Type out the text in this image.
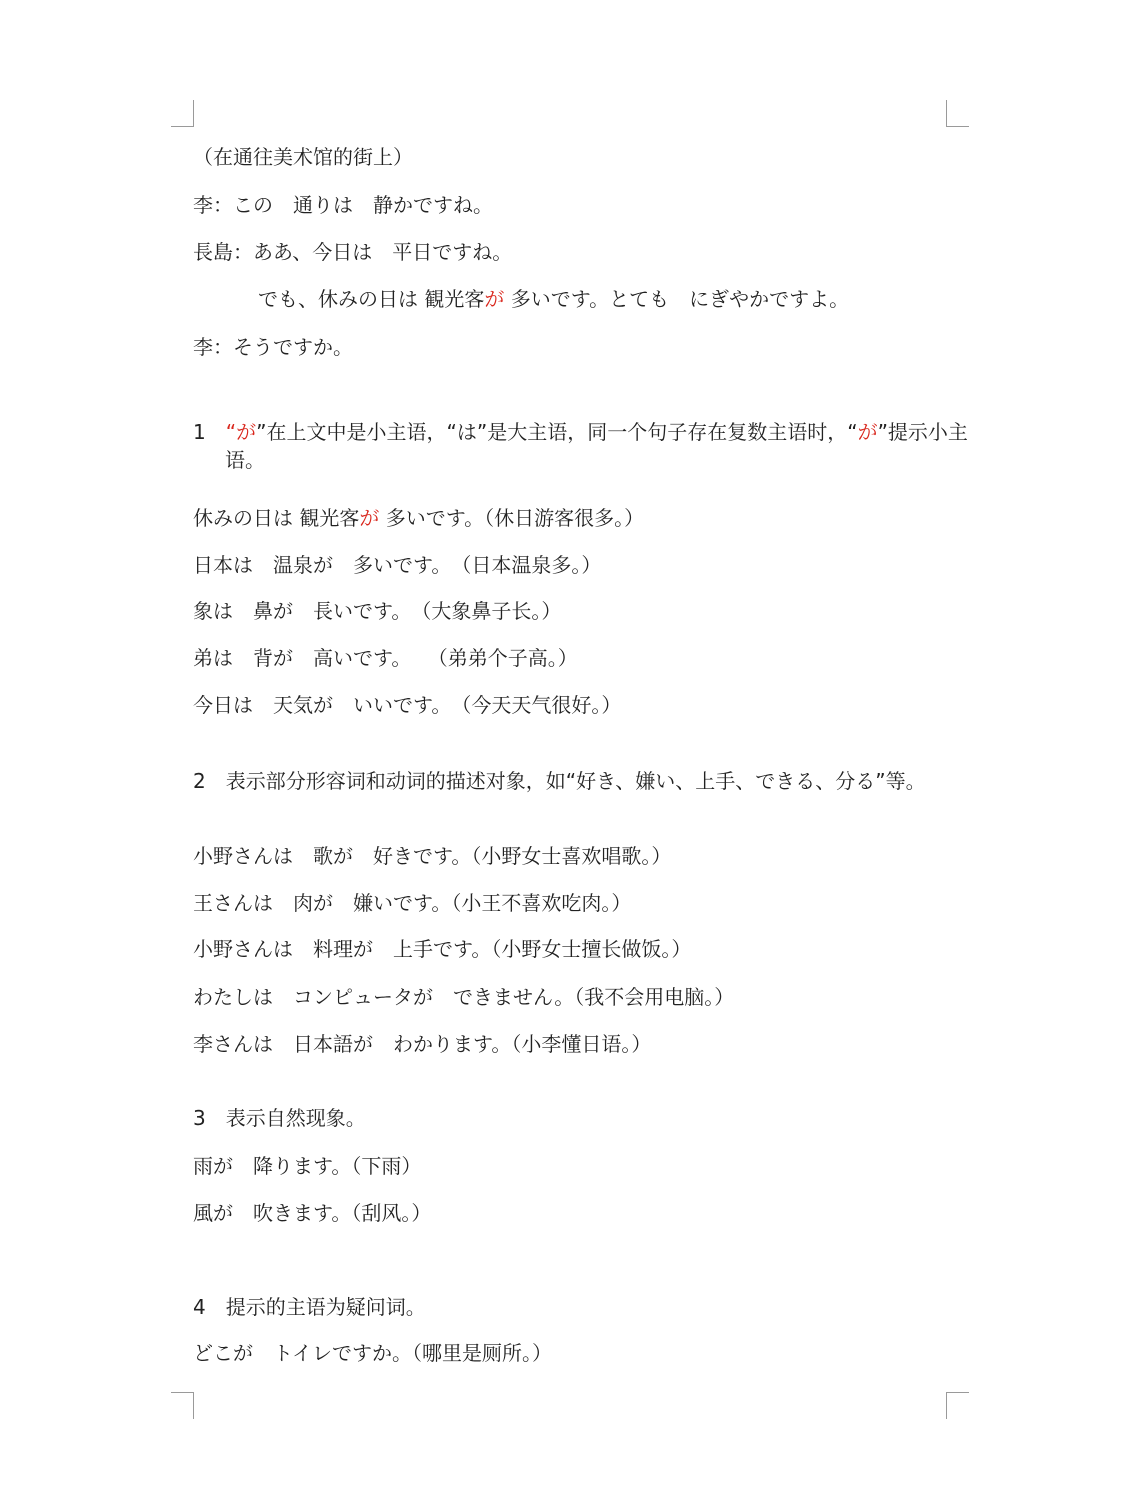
（在通往美术馆的街上）

李：この　通りは　静かですね。

長島：ああ、今日は　平日ですね。

でも、休みの日は 観光客が 多いです。とても　にぎやかですよ。

李：そうですか。

1 “が”在上文中是小主语，“は”是大主语，同一个句子存在复数主语时，“が”提示小主语。

休みの日は 観光客が 多いです。（休日游客很多。）

日本は　温泉が　多いです。　（日本温泉多。）

象は　鼻が　長いです。　（大象鼻子长。）

弟は　背が　高いです。　 （弟弟个子高。）

今日は　天気が　いいです。　（今天天气很好。）

2　表示部分形容词和动词的描述对象，如“好き、嫌い、上手、できる、分る”等。

小野さんは　歌が　好きです。（小野女士喜欢唱歌。）

王さんは　肉が　嫌いです。（小王不喜欢吃肉。）

小野さんは　料理が　上手です。（小野女士擅长做饭。）

わたしは　コンピュータが　できません。（我不会用电脑。）

李さんは　日本語が　わかります。（小李懂日语。）

3　表示自然现象。

雨が　降ります。（下雨）

風が　吹きます。（刮风。）

4　提示的主语为疑问词。

どこが　トイレですか。（哪里是厕所。）
